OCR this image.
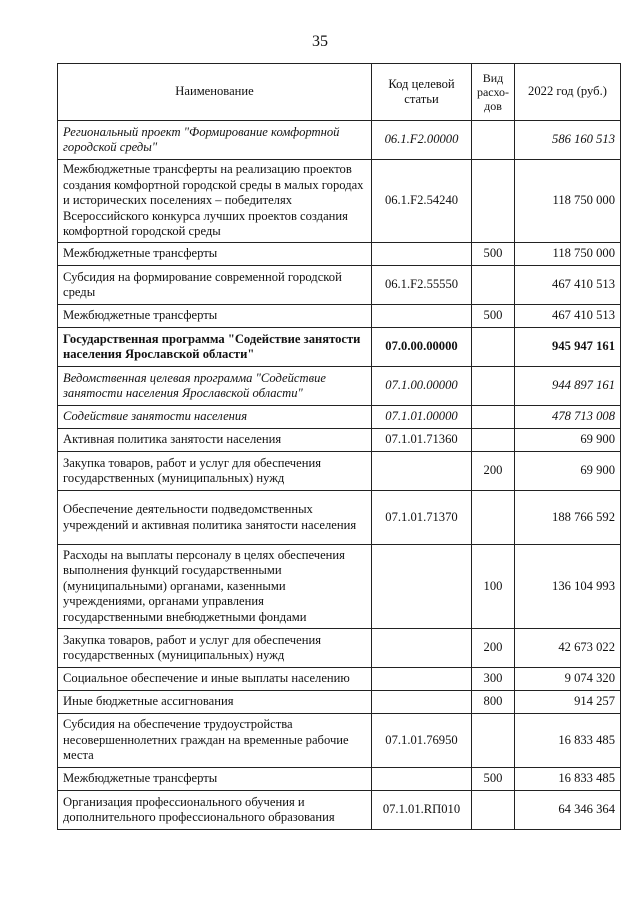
35
Наименование	Код целевой статьи	Вид расхо-дов	2022 год (руб.)
Региональный проект "Формирование комфортной городской среды"	06.1.F2.00000		586 160 513
Межбюджетные трансферты на реализацию проектов создания комфортной городской среды в малых городах и исторических поселениях – победителях Всероссийского конкурса лучших проектов создания комфортной городской среды	06.1.F2.54240		118 750 000
Межбюджетные трансферты		500	118 750 000
Субсидия на формирование современной городской среды	06.1.F2.55550		467 410 513
Межбюджетные трансферты		500	467 410 513
Государственная программа "Содействие занятости населения Ярославской области"	07.0.00.00000		945 947 161
Ведомственная целевая программа "Содействие занятости населения Ярославской области"	07.1.00.00000		944 897 161
Содействие занятости населения	07.1.01.00000		478 713 008
Активная политика занятости населения	07.1.01.71360		69 900
Закупка товаров, работ и услуг для обеспечения государственных (муниципальных) нужд		200	69 900
Обеспечение деятельности подведомственных учреждений и активная политика занятости населения	07.1.01.71370		188 766 592
Расходы на выплаты персоналу в целях обеспечения выполнения функций государственными (муниципальными) органами, казенными учреждениями, органами управления государственными внебюджетными фондами		100	136 104 993
Закупка товаров, работ и услуг для обеспечения государственных (муниципальных) нужд		200	42 673 022
Социальное обеспечение и иные выплаты населению		300	9 074 320
Иные бюджетные ассигнования		800	914 257
Субсидия на обеспечение трудоустройства несовершеннолетних граждан на временные рабочие места	07.1.01.76950		16 833 485
Межбюджетные трансферты		500	16 833 485
Организация профессионального обучения и дополнительного профессионального образования	07.1.01.RП010		64 346 364
